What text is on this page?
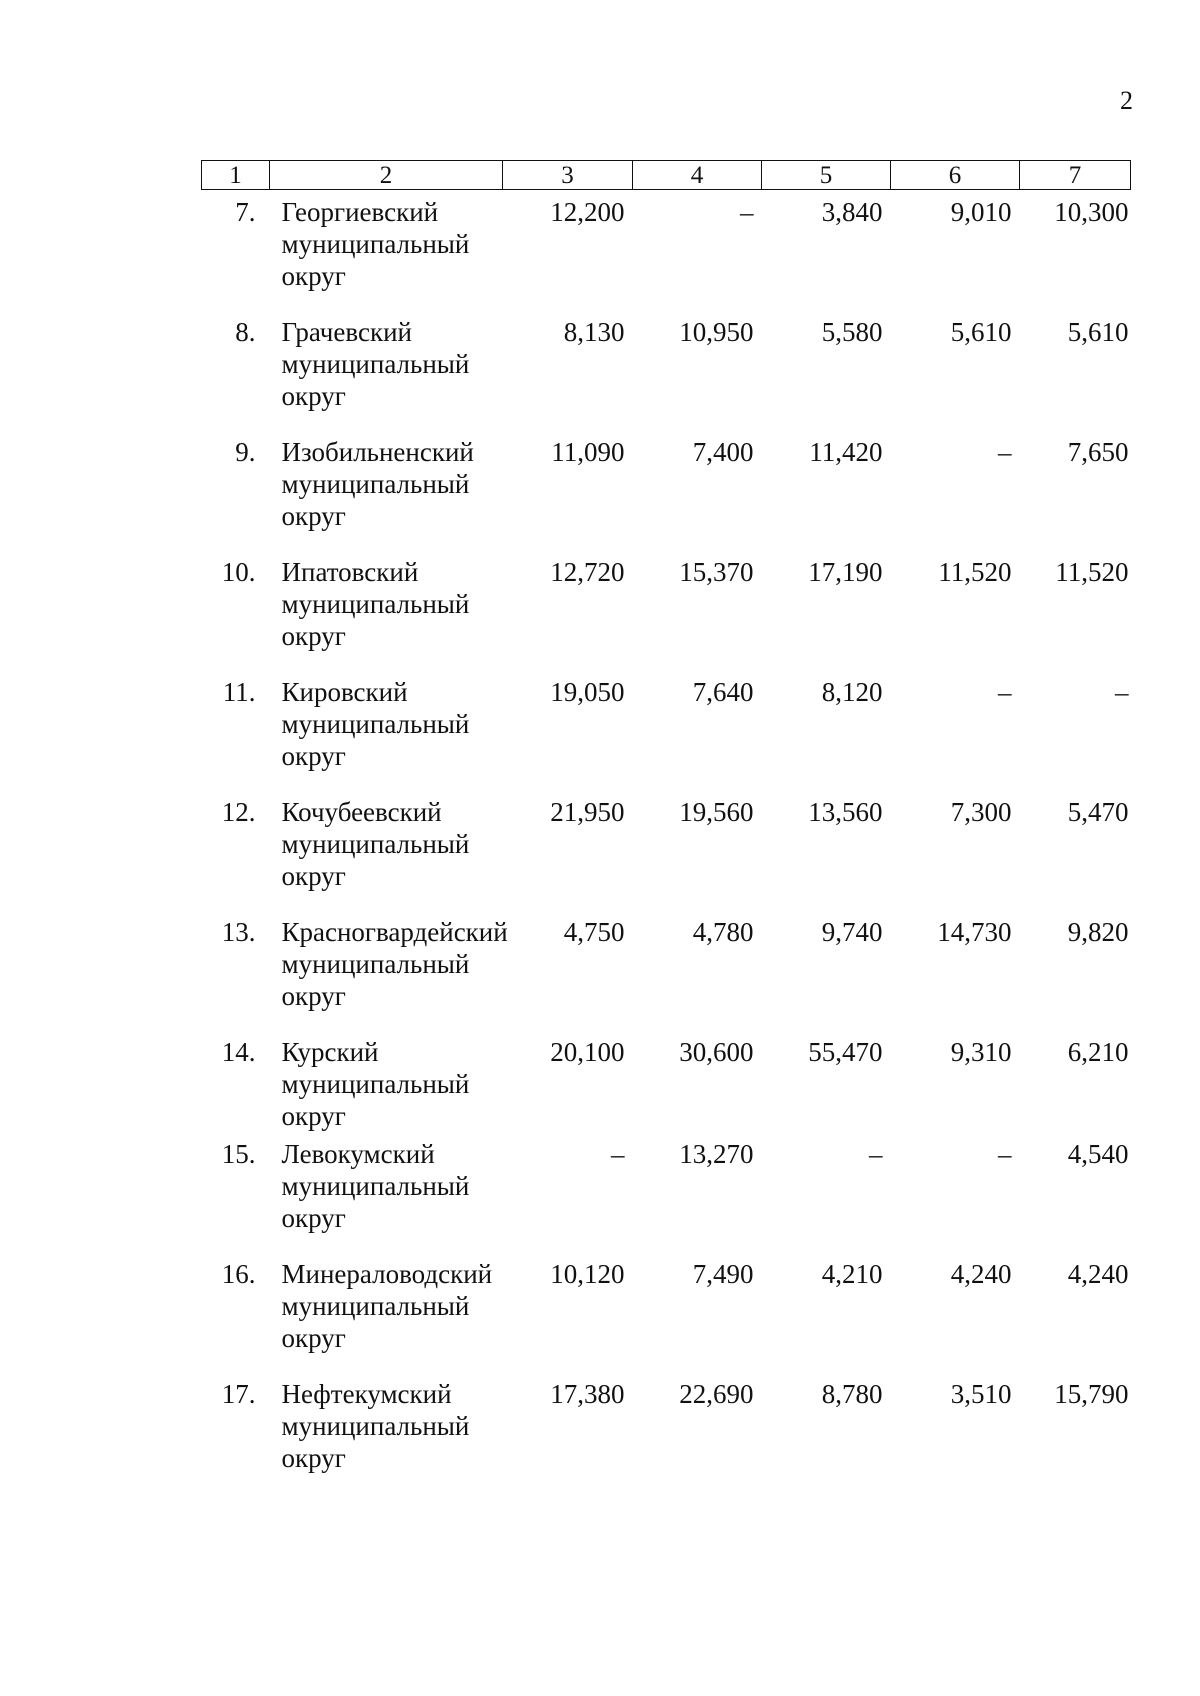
2
1	2	3	4	5	6	7
7.	Георгиевский муниципальный округ	12,200	–	3,840	9,010	10,300
8.	Грачевский муниципальный округ	8,130	10,950	5,580	5,610	5,610
9.	Изобильненский муниципальный округ	11,090	7,400	11,420	–	7,650
10.	Ипатовский муниципальный округ	12,720	15,370	17,190	11,520	11,520
11.	Кировский муниципальный округ	19,050	7,640	8,120	–	–
12.	Кочубеевский муниципальный округ	21,950	19,560	13,560	7,300	5,470
13.	Красногвардейский муниципальный округ	4,750	4,780	9,740	14,730	9,820
14.	Курский муниципальный округ	20,100	30,600	55,470	9,310	6,210
15.	Левокумский муниципальный округ	–	13,270	–	–	4,540
16.	Минераловодский муниципальный округ	10,120	7,490	4,210	4,240	4,240
17.	Нефтекумский муниципальный округ	17,380	22,690	8,780	3,510	15,790
